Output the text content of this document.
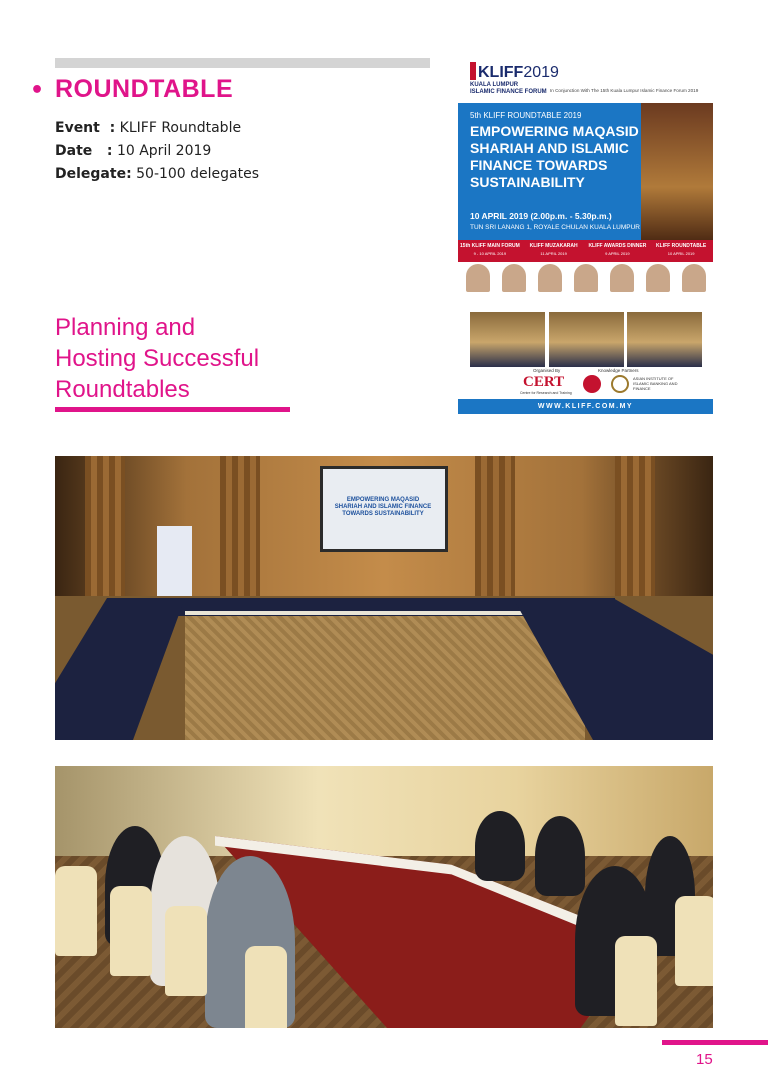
• ROUNDTABLE
Event  : KLIFF Roundtable
Date   : 10 April 2019
Delegate: 50-100 delegates
Planning and
Hosting Successful
Roundtables
KLIFF2019
KUALA LUMPUR
ISLAMIC FINANCE FORUM In Conjunction With The 15th Kuala Lumpur Islamic Finance Forum 2019
5th KLIFF ROUNDTABLE 2019
EMPOWERING MAQASID SHARIAH AND ISLAMIC FINANCE TOWARDS SUSTAINABILITY
10 APRIL 2019 (2.00p.m. - 5.30p.m.)
TUN SRI LANANG 1, ROYALE CHULAN KUALA LUMPUR
15th KLIFF MAIN FORUM
9 - 10 APRIL 2019
KLIFF MUZAKARAH
11 APRIL 2019
KLIFF AWARDS DINNER
9 APRIL 2019
KLIFF ROUNDTABLE
10 APRIL 2019
Organised By	Knowledge Partners
CERT
Centre for Research and Training
ASIAN INSTITUTE OF ISLAMIC BANKING AND FINANCE
WWW.KLIFF.COM.MY
EMPOWERING MAQASID SHARIAH AND ISLAMIC FINANCE TOWARDS SUSTAINABILITY
15
